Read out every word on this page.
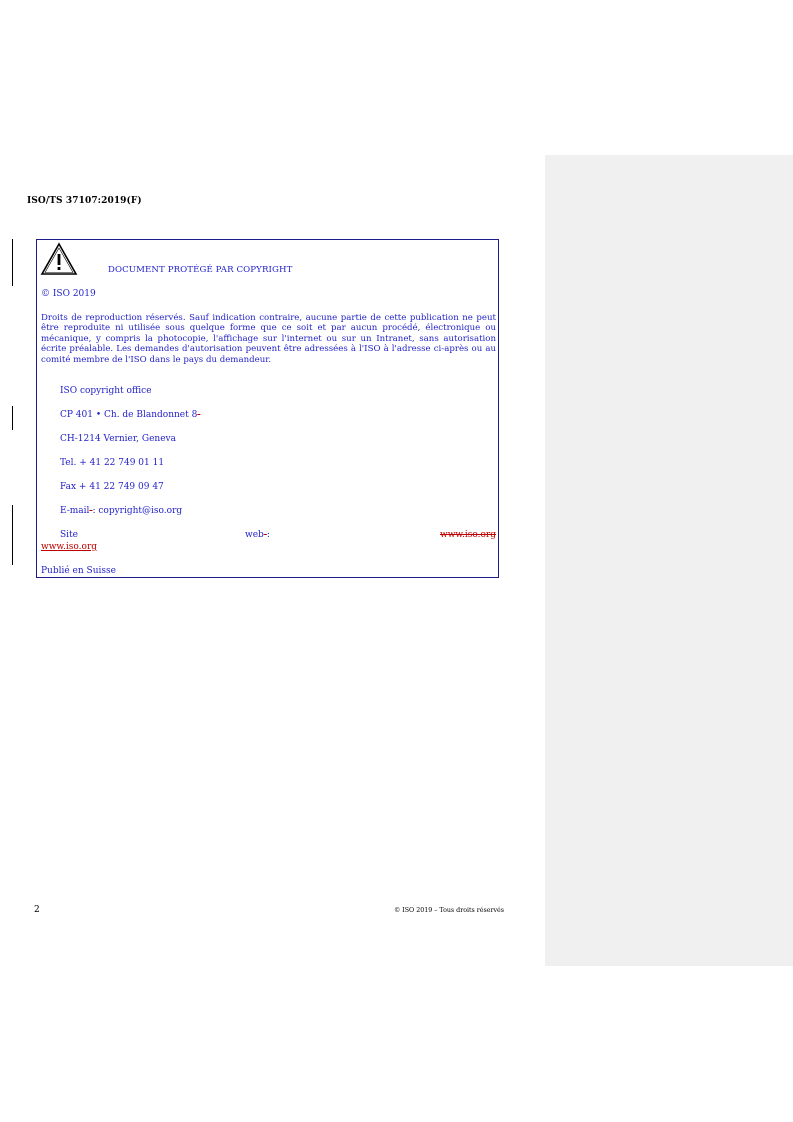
ISO/TS 37107:2019(F)
DOCUMENT PROTÉGÉ PAR COPYRIGHT
© ISO 2019
Droits de reproduction réservés. Sauf indication contraire, aucune partie de cette publication ne peut être reproduite ni utilisée sous quelque forme que ce soit et par aucun procédé, électronique ou mécanique, y compris la photocopie, l'affichage sur l'internet ou sur un Intranet, sans autorisation écrite préalable. Les demandes d'autorisation peuvent être adressées à l'ISO à l'adresse ci-après ou au comité membre de l'ISO dans le pays du demandeur.
ISO copyright office
CP 401 • Ch. de Blandonnet 8-
CH-1214 Vernier, Geneva
Tel. + 41 22 749 01 11
Fax + 41 22 749 09 47
E-mail-: copyright@iso.org
Site	web-:	www.iso.org
www.iso.org
Publié en Suisse
2	© ISO 2019 – Tous droits réservés
